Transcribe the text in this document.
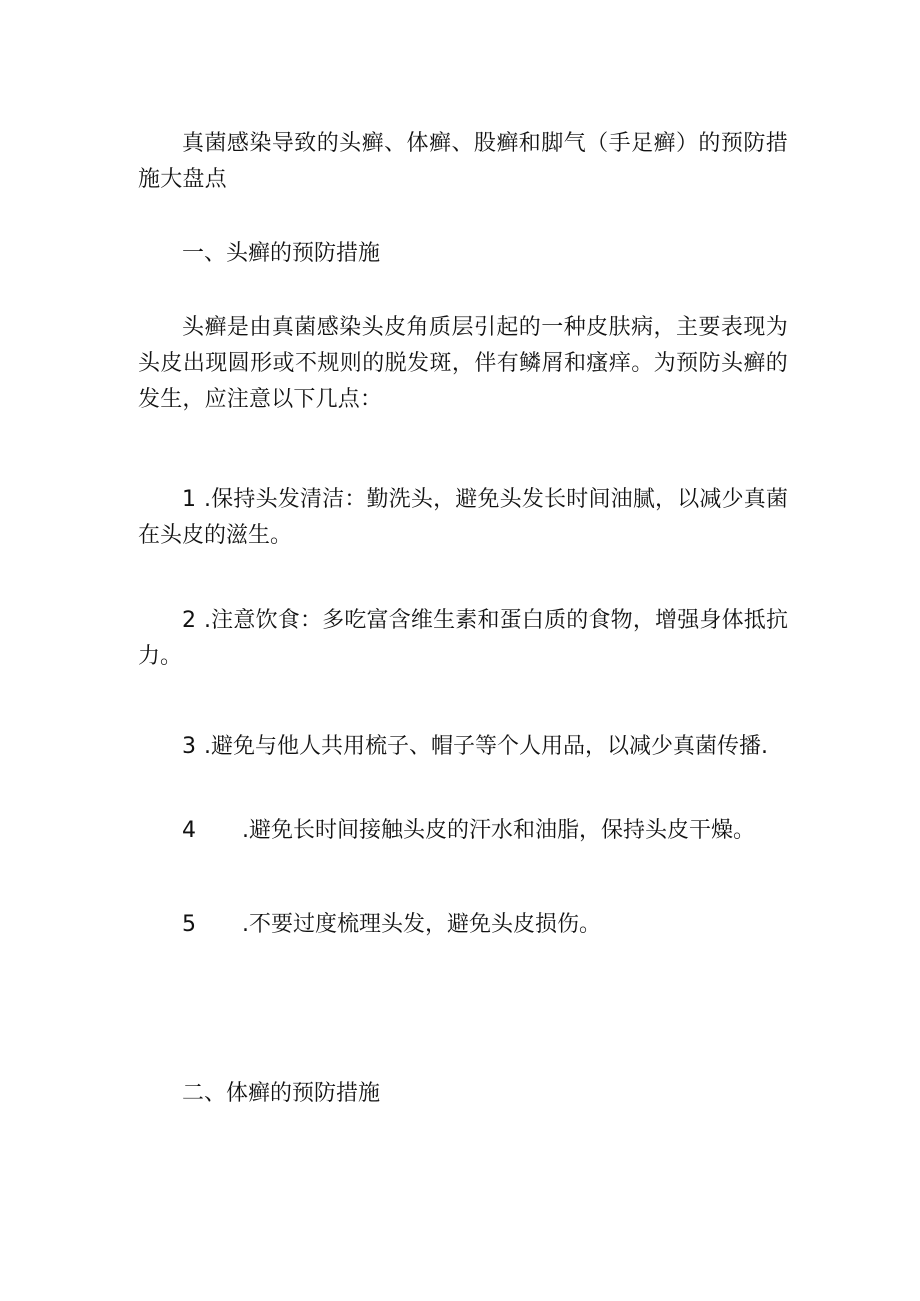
真菌感染导致的头癣、体癣、股癣和脚气（手足癣）的预防措施大盘点

一、头癣的预防措施

头癣是由真菌感染头皮角质层引起的一种皮肤病，主要表现为头皮出现圆形或不规则的脱发斑，伴有鳞屑和瘙痒。为预防头癣的发生，应注意以下几点：

1 .保持头发清洁：勤洗头，避免头发长时间油腻，以减少真菌在头皮的滋生。

2 .注意饮食：多吃富含维生素和蛋白质的食物，增强身体抵抗力。

3 .避免与他人共用梳子、帽子等个人用品，以减少真菌传播.

4 .避免长时间接触头皮的汗水和油脂，保持头皮干燥。

5 .不要过度梳理头发，避免头皮损伤。

二、体癣的预防措施
